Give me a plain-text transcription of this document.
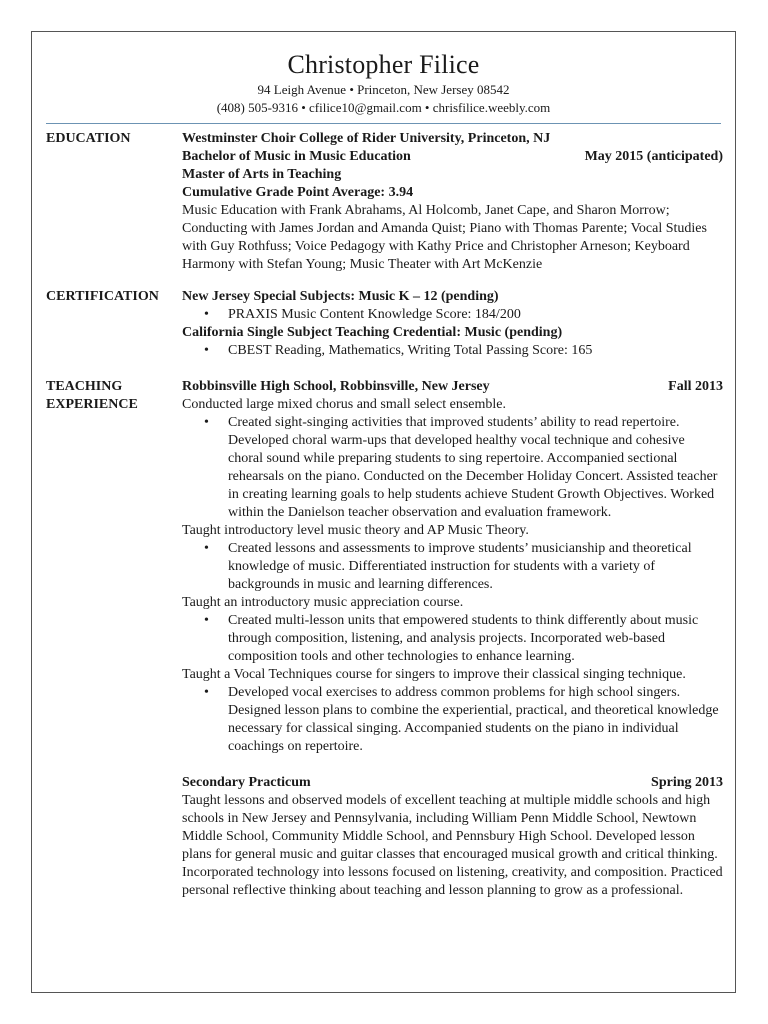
Christopher Filice
94 Leigh Avenue • Princeton, New Jersey 08542
(408) 505-9316 • cfilice10@gmail.com • chrisfilice.weebly.com
EDUCATION	Westminster Choir College of Rider University, Princeton, NJ

Bachelor of Music in Music Education	May 2015 (anticipated)

Master of Arts in Teaching

Cumulative Grade Point Average: 3.94

Music Education with Frank Abrahams, Al Holcomb, Janet Cape, and Sharon Morrow; Conducting with James Jordan and Amanda Quist; Piano with Thomas Parente; Vocal Studies with Guy Rothfuss; Voice Pedagogy with Kathy Price and Christopher Arneson; Keyboard Harmony with Stefan Young; Music Theater with Art McKenzie

CERTIFICATION	New Jersey Special Subjects: Music K – 12 (pending)

• PRAXIS Music Content Knowledge Score: 184/200

California Single Subject Teaching Credential: Music (pending)

• CBEST Reading, Mathematics, Writing Total Passing Score: 165
TEACHING
EXPERIENCE
Robbinsville High School, Robbinsville, New Jersey	Fall 2013

Conducted large mixed chorus and small select ensemble.

• Created sight-singing activities that improved students’ ability to read repertoire. Developed choral warm-ups that developed healthy vocal technique and cohesive choral sound while preparing students to sing repertoire. Accompanied sectional rehearsals on the piano. Conducted on the December Holiday Concert. Assisted teacher in creating learning goals to help students achieve Student Growth Objectives. Worked within the Danielson teacher observation and evaluation framework.

Taught introductory level music theory and AP Music Theory.

• Created lessons and assessments to improve students’ musicianship and theoretical knowledge of music. Differentiated instruction for students with a variety of backgrounds in music and learning differences.

Taught an introductory music appreciation course.

• Created multi-lesson units that empowered students to think differently about music through composition, listening, and analysis projects. Incorporated web-based composition tools and other technologies to enhance learning.

Taught a Vocal Techniques course for singers to improve their classical singing technique.

• Developed vocal exercises to address common problems for high school singers. Designed lesson plans to combine the experiential, practical, and theoretical knowledge necessary for classical singing. Accompanied students on the piano in individual coachings on repertoire.
Secondary Practicum	Spring 2013

Taught lessons and observed models of excellent teaching at multiple middle schools and high schools in New Jersey and Pennsylvania, including William Penn Middle School, Newtown Middle School, Community Middle School, and Pennsbury High School. Developed lesson plans for general music and guitar classes that encouraged musical growth and critical thinking. Incorporated technology into lessons focused on listening, creativity, and composition. Practiced personal reflective thinking about teaching and lesson planning to grow as a professional.
